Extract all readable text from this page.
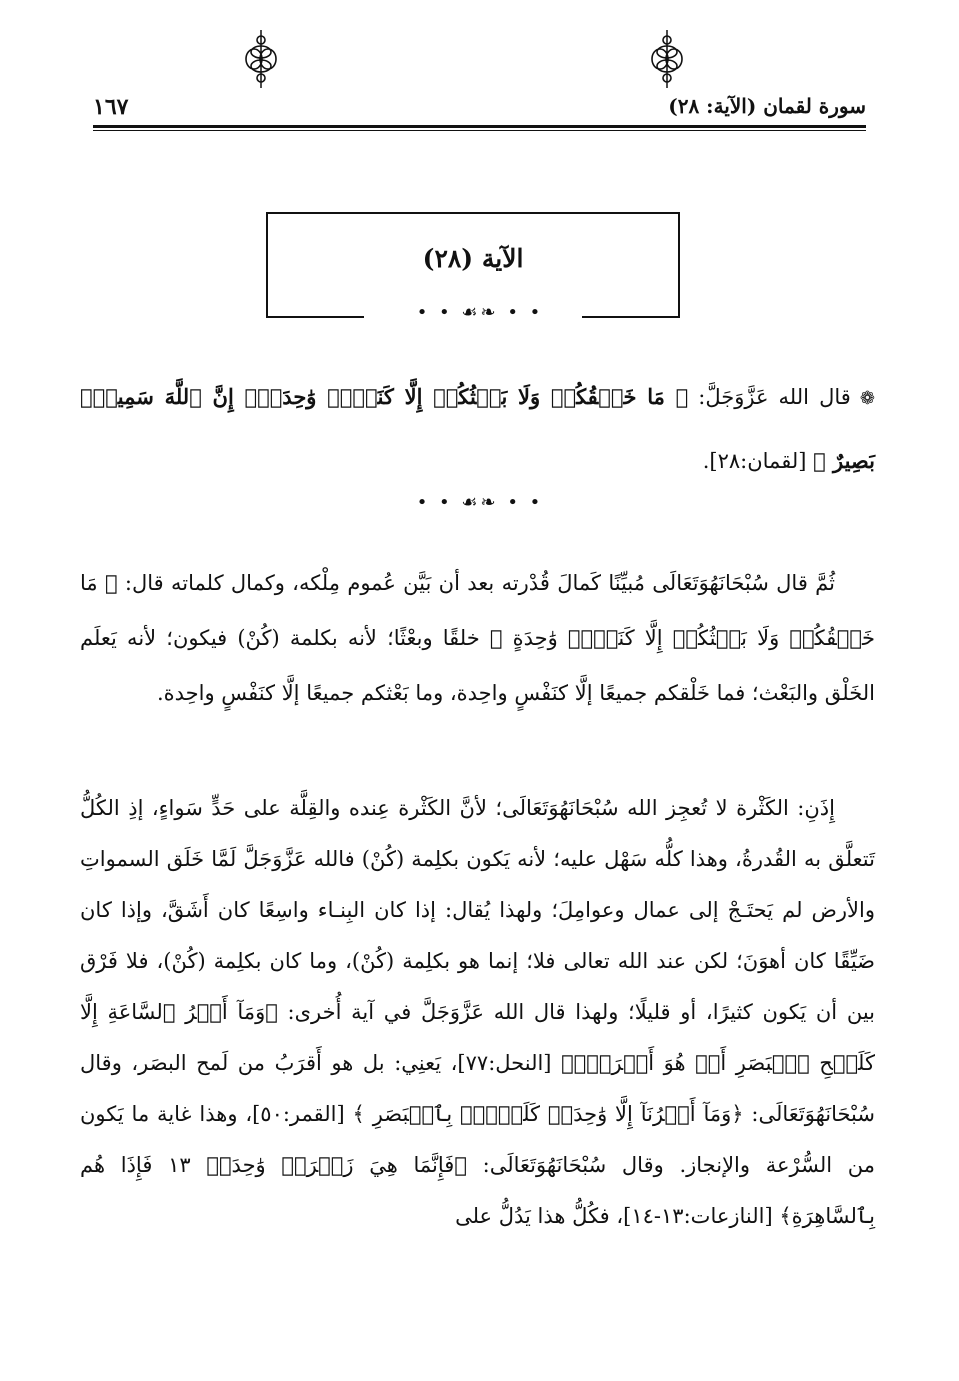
سورة لقمان (الآية: ٢٨)
١٦٧
الآية (٢٨)
• • ☙❧ • •
❁ قال الله عَزَّوَجَلَّ: ﴿ مَا خَلۡقُكُمۡ وَلَا بَعۡثُكُمۡ إِلَّا كَنَفۡسٖ وَٰحِدَةٍۚ إِنَّ ٱللَّهَ سَمِيعُۢ بَصِيرٌ ﴾ [لقمان:٢٨].
• • ☙❧ • •
ثُمَّ قال سُبْحَانَهُوَتَعَالَى مُبيِّنًا كَمالَ قُدْرته بعد أن بَيَّن عُموم مِلْكه، وكمال كلماته قال: ﴿ مَا خَلۡقُكُمۡ وَلَا بَعۡثُكُمۡ إِلَّا كَنَفۡسٖ وَٰحِدَةٍ ﴾ خلقًا وبعْثًا؛ لأنه بكلمة (كُنْ) فيكون؛ لأنه يَعلَم الخَلْق والبَعْث؛ فما خَلْقكم جميعًا إلَّا كنَفْسٍ واحِدة، وما بَعْثكم جميعًا إلَّا كنَفْسٍ واحِدة.
إِذَنِ: الكَثْرة لا تُعجِز الله سُبْحَانَهُوَتَعَالَى؛ لأنَّ الكَثْرة عِنده والقِلَّة على حَدٍّ سَواءٍ، إذِ الكُلُّ تَتعلَّق به القُدرةُ، وهذا كلُّه سَهْل عليه؛ لأنه يَكون بكلِمة (كُنْ) فالله عَزَّوَجَلَّ لَمَّا خَلَق السمواتِ والأرض لم يَحتَـجْ إلى عمال وعوامِلَ؛ ولهذا يُقال: إذا كان البِنـاء واسِعًا كان أَشَقَّ، وإذا كان ضَيِّقًا كان أهوَنَ؛ لكن عند الله تعالى فلا؛ إنما هو بكلِمة (كُنْ)، وما كان بكلِمة (كُنْ)، فلا فَرْق بين أن يَكون كثيرًا، أو قليلًا؛ ولهذا قال الله عَزَّوَجَلَّ في آية أُخرى: ﴿وَمَآ أَمۡرُ ٱلسَّاعَةِ إِلَّا كَلَمۡحِ ٱلۡبَصَرِ أَوۡ هُوَ أَقۡرَبُۚ﴾ [النحل:٧٧]، يَعنِي: بل هو أَقرَبُ من لَمح البصَر، وقال سُبْحَانَهُوَتَعَالَى: ﴿وَمَآ أَمۡرُنَآ إِلَّا وَٰحِدَةٞ كَلَمۡحِۭ بِٱلۡبَصَرِ ﴾ [القمر:٥٠]، وهذا غاية ما يَكون من السُّرْعة والإنجاز. وقال سُبْحَانَهُوَتَعَالَى: ﴿فَإِنَّمَا هِيَ زَجۡرَةٞ وَٰحِدَةٞ ١٣ فَإِذَا هُم بِٱلسَّاهِرَةِ﴾ [النازعات:١٣-١٤]، فكُلُّ هذا يَدُلُّ على
